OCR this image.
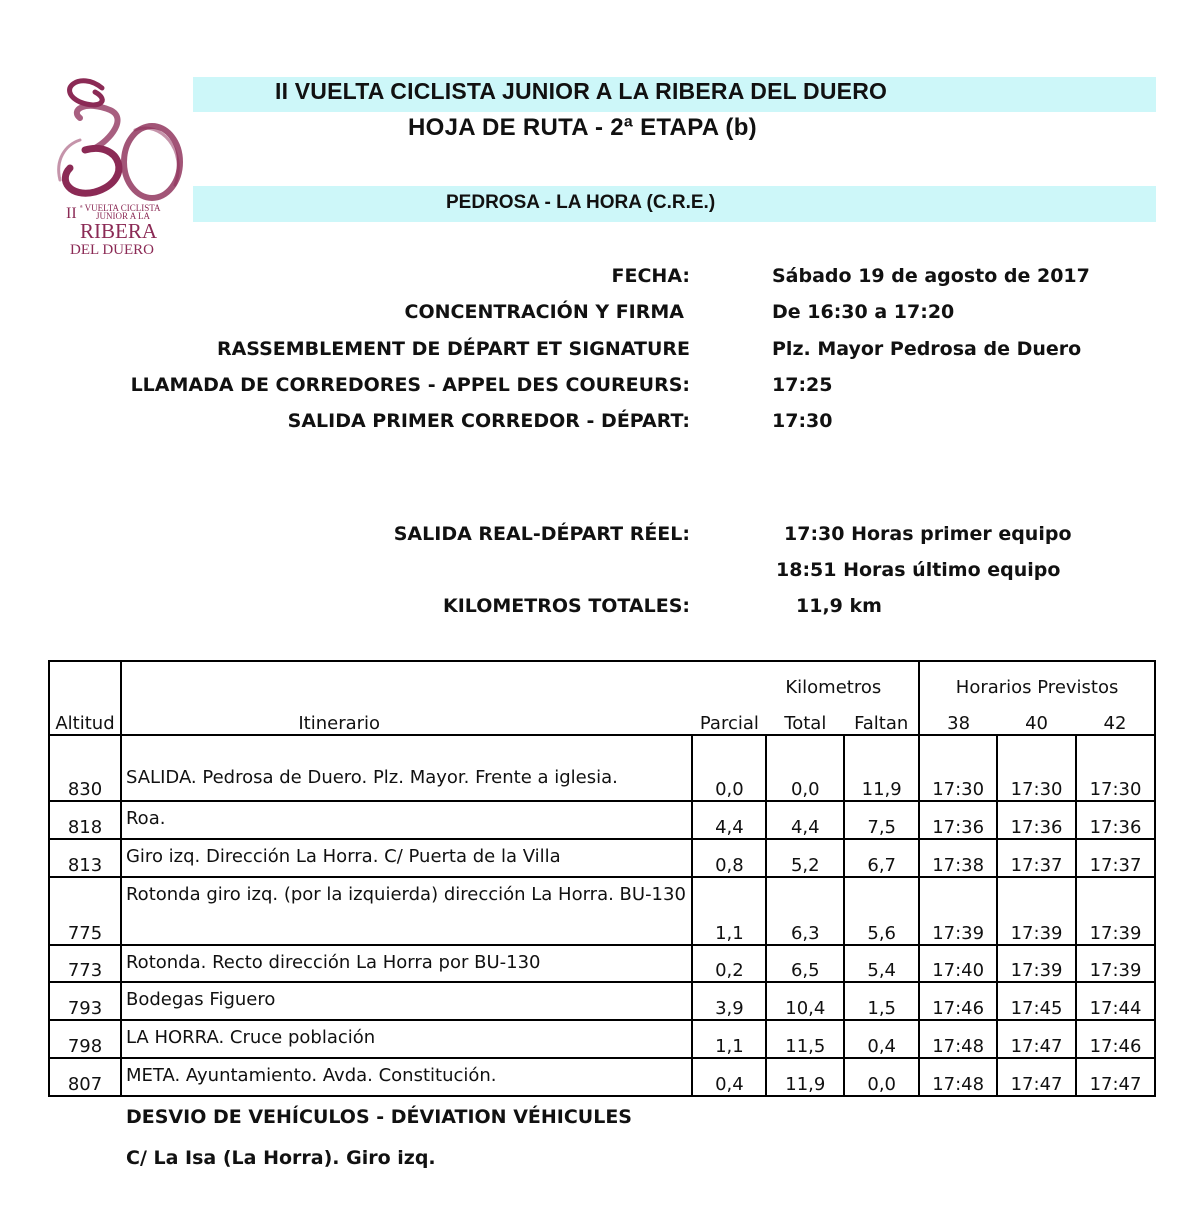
II ª VUELTA CICLISTA
JUNIOR A LA
RIBERA
DEL DUERO
II VUELTA CICLISTA JUNIOR A LA RIBERA DEL DUERO
HOJA DE RUTA - 2ª ETAPA (b)
PEDROSA - LA HORA (C.R.E.)
FECHA:	Sábado 19 de agosto de 2017
CONCENTRACIÓN Y FIRMA	De 16:30 a 17:20
RASSEMBLEMENT DE DÉPART ET SIGNATURE	Plz. Mayor Pedrosa de Duero
LLAMADA DE CORREDORES - APPEL DES COUREURS:	17:25
SALIDA PRIMER CORREDOR - DÉPART:	17:30
SALIDA REAL-DÉPART RÉEL:	17:30 Horas primer equipo
18:51 Horas último equipo
KILOMETROS TOTALES:	11,9 km
		Kilometros			Horarios Previstos		
Altitud	Itinerario	Parcial	Total	Faltan	38	40	42
830	SALIDA. Pedrosa de Duero. Plz. Mayor. Frente a iglesia.	0,0	0,0	11,9	17:30	17:30	17:30
818	Roa.	4,4	4,4	7,5	17:36	17:36	17:36
813	Giro izq. Dirección La Horra. C/ Puerta de la Villa	0,8	5,2	6,7	17:38	17:37	17:37
775	Rotonda giro izq. (por la izquierda) dirección La Horra. BU-130	1,1	6,3	5,6	17:39	17:39	17:39
773	Rotonda. Recto dirección La Horra por BU-130	0,2	6,5	5,4	17:40	17:39	17:39
793	Bodegas Figuero	3,9	10,4	1,5	17:46	17:45	17:44
798	LA HORRA. Cruce población	1,1	11,5	0,4	17:48	17:47	17:46
807	META. Ayuntamiento. Avda. Constitución.	0,4	11,9	0,0	17:48	17:47	17:47
DESVIO DE VEHÍCULOS - DÉVIATION VÉHICULES
C/ La Isa (La Horra). Giro izq.
